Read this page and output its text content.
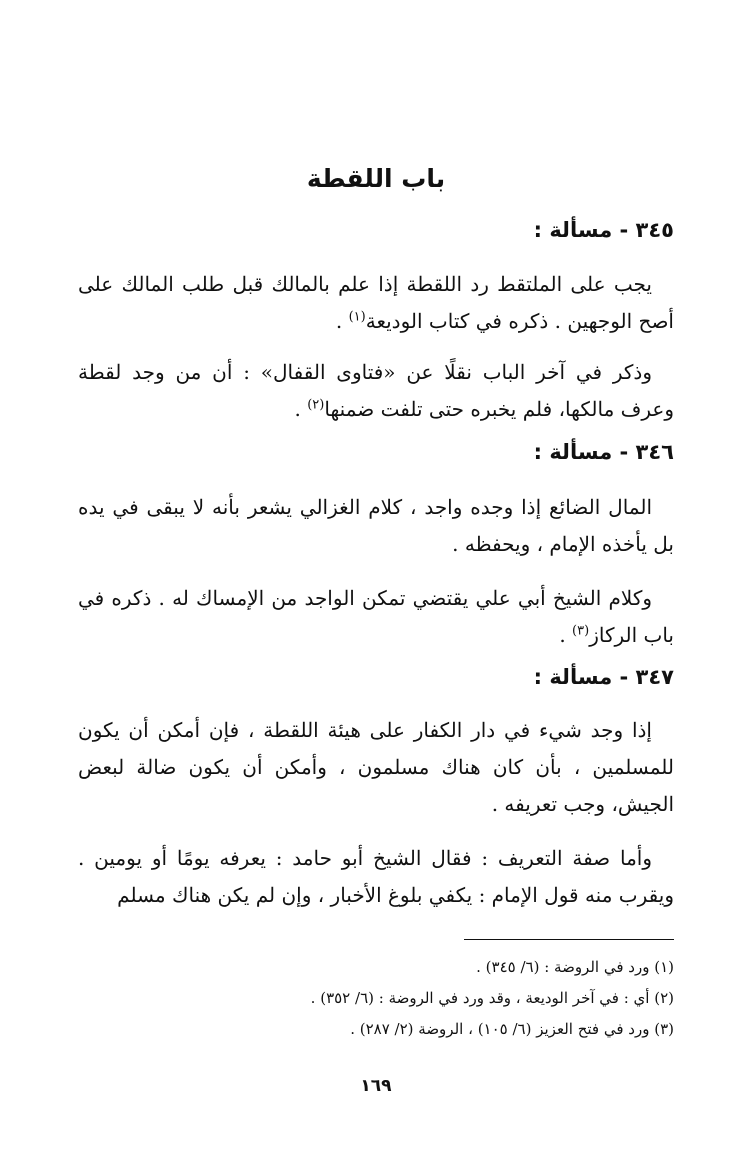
باب اللقطة
٣٤٥ - مسألة :
يجب على الملتقط رد اللقطة إذا علم بالمالك قبل طلب المالك على أصح الوجهين . ذكره في كتاب الوديعة$^{(١)}$ .
وذكر في آخر الباب نقلًا عن «فتاوى القفال» : أن من وجد لقطة وعرف مالكها، فلم يخبره حتى تلفت ضمنها$^{(٢)}$ .
٣٤٦ - مسألة :
المال الضائع إذا وجده واجد ، كلام الغزالي يشعر بأنه لا يبقى في يده بل يأخذه الإمام ، ويحفظه .
وكلام الشيخ أبي علي يقتضي تمكن الواجد من الإمساك له . ذكره في باب الركاز$^{(٣)}$ .
٣٤٧ - مسألة :
إذا وجد شيء في دار الكفار على هيئة اللقطة ، فإن أمكن أن يكون للمسلمين ، بأن كان هناك مسلمون ، وأمكن أن يكون ضالة لبعض الجيش، وجب تعريفه .
وأما صفة التعريف : فقال الشيخ أبو حامد : يعرفه يومًا أو يومين . ويقرب منه قول الإمام : يكفي بلوغ الأخبار ، وإن لم يكن هناك مسلم
(١) ورد في الروضة : (٦/ ٣٤٥) .
(٢) أي : في آخر الوديعة ، وقد ورد في الروضة : (٦/ ٣٥٢) .
(٣) ورد في فتح العزيز (٦/ ١٠٥) ، الروضة (٢/ ٢٨٧) .
١٦٩
